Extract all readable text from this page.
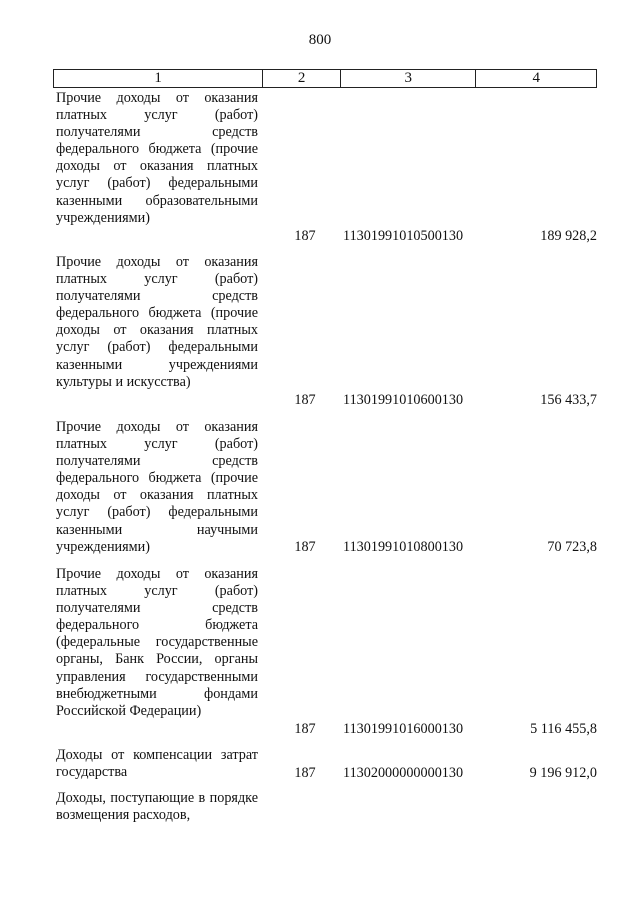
800
1	2	3	4
Прочие доходы от оказания платных услуг (работ) получателями средств федерального бюджета (прочие доходы от оказания платных услуг (работ) федеральными казенными образовательными учреждениями)
187	11301991010500130	189 928,2
Прочие доходы от оказания платных услуг (работ) получателями средств федерального бюджета (прочие доходы от оказания платных услуг (работ) федеральными казенными учреждениями культуры и искусства)
187	11301991010600130	156 433,7
Прочие доходы от оказания платных услуг (работ) получателями средств федерального бюджета (прочие доходы от оказания платных услуг (работ) федеральными казенными научными учреждениями)	187	11301991010800130	70 723,8
Прочие доходы от оказания платных услуг (работ) получателями средств федерального бюджета (федеральные государственные органы, Банк России, органы управления государственными внебюджетными фондами Российской Федерации)
187	11301991016000130	5 116 455,8
Доходы от компенсации затрат государства	187	11302000000000130	9 196 912,0
Доходы, поступающие в порядке возмещения расходов,
